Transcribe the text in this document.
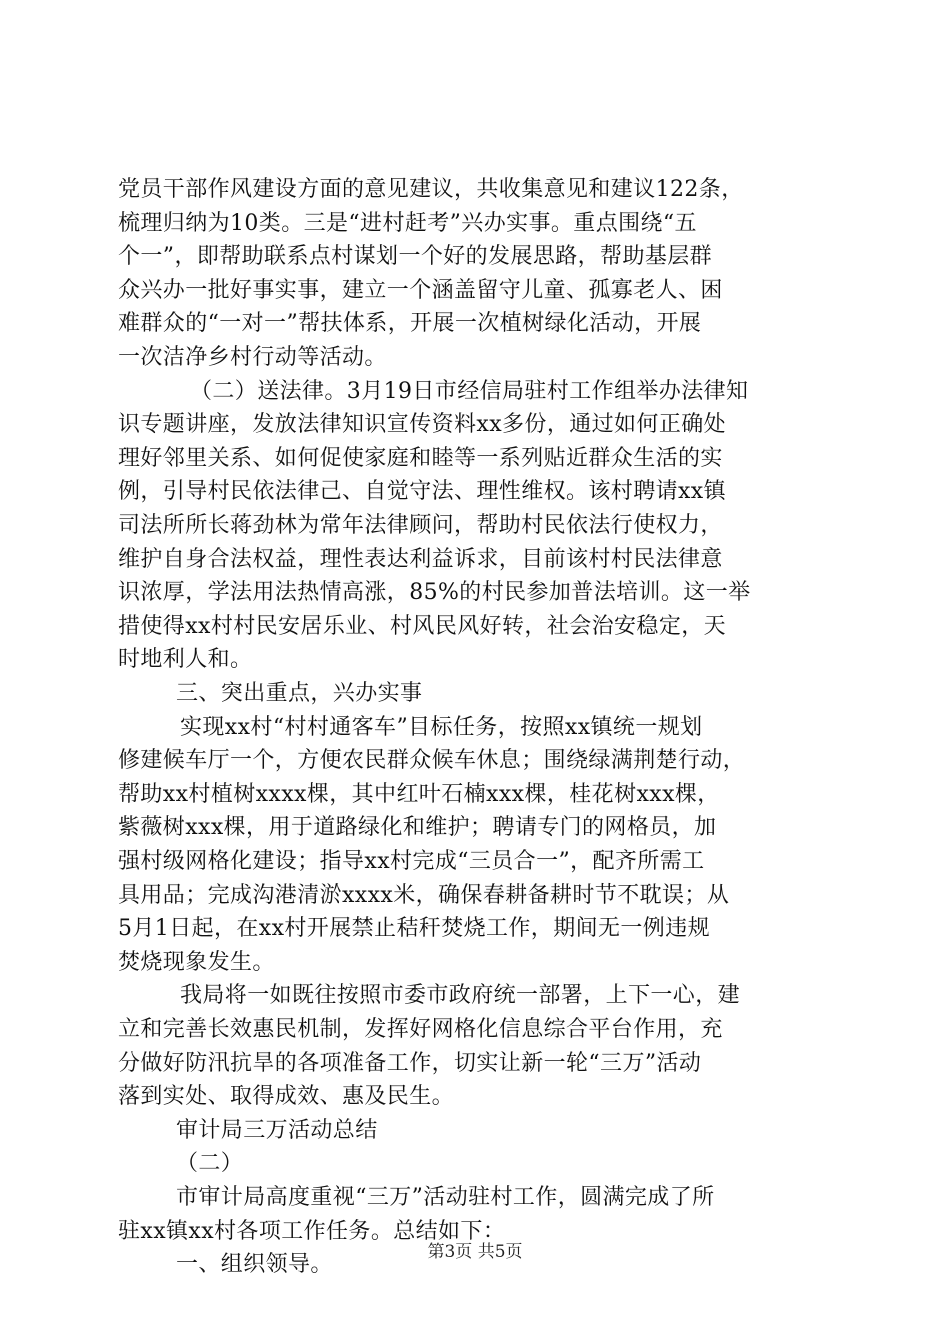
党员干部作风建设方面的意见建议，共收集意见和建议122条，
梳理归纳为10类。三是“进村赶考”兴办实事。重点围绕“五
个一”，即帮助联系点村谋划一个好的发展思路，帮助基层群
众兴办一批好事实事，建立一个涵盖留守儿童、孤寡老人、困
难群众的“一对一”帮扶体系，开展一次植树绿化活动，开展
一次洁净乡村行动等活动。
（二）送法律。3月19日市经信局驻村工作组举办法律知
识专题讲座，发放法律知识宣传资料xx多份，通过如何正确处
理好邻里关系、如何促使家庭和睦等一系列贴近群众生活的实
例，引导村民依法律己、自觉守法、理性维权。该村聘请xx镇
司法所所长蒋劲林为常年法律顾问，帮助村民依法行使权力，
维护自身合法权益，理性表达利益诉求，目前该村村民法律意
识浓厚，学法用法热情高涨，85%的村民参加普法培训。这一举
措使得xx村村民安居乐业、村风民风好转，社会治安稳定，天
时地利人和。
三、突出重点，兴办实事
实现xx村“村村通客车”目标任务，按照xx镇统一规划
修建候车厅一个，方便农民群众候车休息；围绕绿满荆楚行动，
帮助xx村植树xxxx棵，其中红叶石楠xxx棵，桂花树xxx棵，
紫薇树xxx棵，用于道路绿化和维护；聘请专门的网格员，加
强村级网格化建设；指导xx村完成“三员合一”，配齐所需工
具用品；完成沟港清淤xxxx米，确保春耕备耕时节不耽误；从
5月1日起，在xx村开展禁止秸秆焚烧工作，期间无一例违规
焚烧现象发生。
我局将一如既往按照市委市政府统一部署，上下一心，建
立和完善长效惠民机制，发挥好网格化信息综合平台作用，充
分做好防汛抗旱的各项准备工作，切实让新一轮“三万”活动
落到实处、取得成效、惠及民生。
审计局三万活动总结
（二）
市审计局高度重视“三万”活动驻村工作，圆满完成了所
驻xx镇xx村各项工作任务。总结如下：
一、组织领导。
第3页 共5页
